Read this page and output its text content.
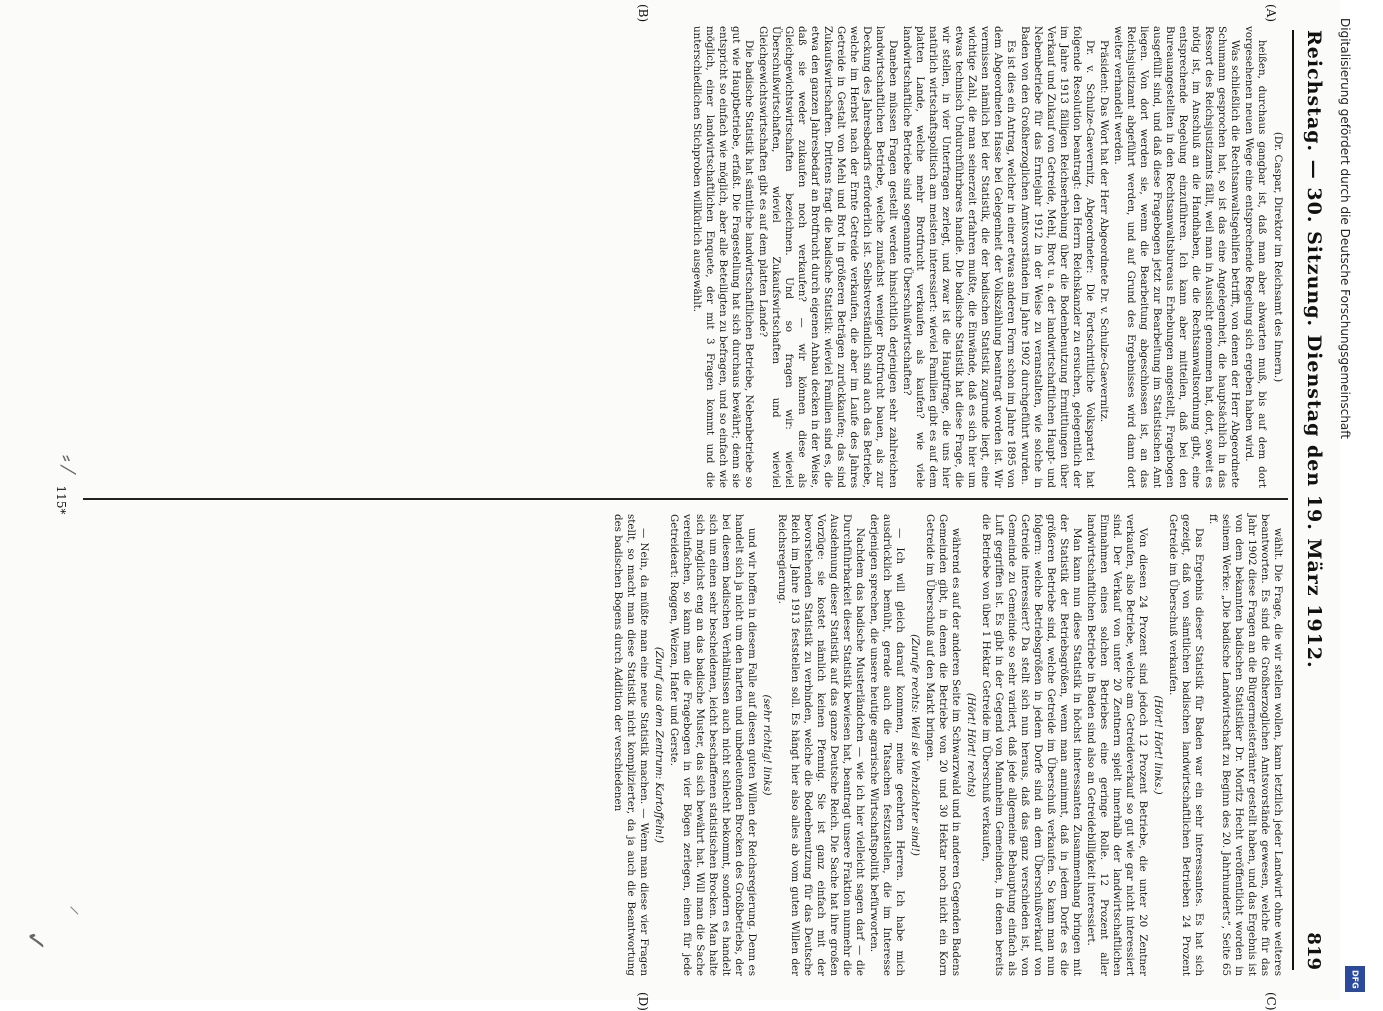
Reichstag. — 30. Sitzung. Dienstag den 19. März 1912.
819
(A)
(B)
(C)
(D)

(Dr. Caspar, Direktor im Reichsamt des Innern.)

heißen, durchaus gangbar ist, daß man aber abwarten muß, bis auf dem dort vorgesehenen neuen Wege eine entsprechende Regelung sich ergeben haben wird.

Was schließlich die Rechtsanwaltsgehilfen betrifft, von denen der Herr Abgeordnete Schumann gesprochen hat, so ist das eine Angelegenheit, die hauptsächlich in das Ressort des Reichsjustizamts fällt, weil man in Aussicht genommen hat, dort, soweit es nötig ist, im Anschluß an die Handhaben, die die Rechtsanwaltsordnung gibt, eine entsprechende Regelung einzuführen. Ich kann aber mitteilen, daß bei den Bureauangestellten in den Rechtsanwaltsbureaus Erhebungen angestellt, Fragebogen ausgefüllt sind, und daß diese Fragebogen jetzt zur Bearbeitung im Statistischen Amt liegen. Von dort werden sie, wenn die Bearbeitung abgeschlossen ist, an das Reichsjustizamt abgeführt werden, und auf Grund des Ergebnisses wird dann dort weiter verhandelt werden.

Präsident: Das Wort hat der Herr Abgeordnete Dr. v. Schulze-Gaevernitz.

Dr. v. Schulze-Gaevernitz, Abgeordneter: Die Fortschrittliche Volkspartei hat folgende Resolution beantragt: den Herrn Reichskanzler zu ersuchen, gelegentlich der im Jahre 1913 fälligen Reichserhebung über die Bodenbenutzung Ermittlungen über Verkauf und Zukauf von Getreide, Mehl, Brot u. a. der landwirtschaftlichen Haupt- und Nebenbetriebe für das Erntejahr 1912 in der Weise zu veranstalten, wie solche in Baden von den Großherzoglichen Amtsvorständen im Jahre 1902 durchgeführt wurden.

Es ist dies ein Antrag, welcher in einer etwas anderen Form schon im Jahre 1895 von dem Abgeordneten Hasse bei Gelegenheit der Volkszählung beantragt worden ist. Wir vermissen nämlich bei der Statistik, die der badischen Statistik zugrunde liegt, eine wichtige Zahl, die man seinerzeit erfahren mußte, die Einwände, daß es sich hier um etwas technisch Undurchführbares handle. Die badische Statistik hat diese Frage, die wir stellen, in vier Unterfragen zerlegt, und zwar ist die Hauptfrage, die uns hier natürlich wirtschaftspolitisch am meisten interessiert: wieviel Familien gibt es auf dem platten Lande, welche mehr Brotfrucht verkaufen als kaufen? wie viele landwirtschaftliche Betriebe sind sogenannte Überschußwirtschaften?

Daneben müssen Fragen gestellt werden hinsichtlich derjenigen sehr zahlreichen landwirtschaftlichen Betriebe, welche zunächst weniger Brotfrucht bauen, als zur Deckung des Jahresbedarfs erforderlich ist. Selbstverständlich sind auch das Betriebe, welche im Herbst nach der Ernte Getreide verkaufen, die aber im Laufe des Jahres Getreide in Gestalt von Mehl und Brot in größeren Beträgen zurückkaufen; das sind Zukaufswirtschaften. Drittens fragt die badische Statistik: wieviel Familien sind es, die etwa den ganzen Jahresbedarf an Brotfrucht durch eigenen Anbau decken in der Weise, daß sie weder zukaufen noch verkaufen? — wir können diese als Gleichgewichtswirtschaften bezeichnen. Und so fragen wir: wieviel Überschußwirtschaften, wieviel Zukaufswirtschaften und wieviel Gleichgewichtswirtschaften gibt es auf dem platten Lande?

Die badische Statistik hat sämtliche landwirtschaftlichen Betriebe, Nebenbetriebe so gut wie Hauptbetriebe, erfaßt. Die Fragestellung hat sich durchaus bewährt; denn sie entspricht so einfach wie möglich, aber alle Beteiligten zu befragen, und so einfach wie möglich, einer landwirtschaftlichen Enquete, der mit 3 Fragen kommt und die unterschiedlichen Stichproben willkürlich ausgewählt.

wählt. Die Frage, die wir stellen wollen, kann letztlich jeder Landwirt ohne weiteres beantworten. Es sind die Großherzoglichen Amtsvorstände gewesen, welche für das Jahr 1902 diese Fragen an die Bürgermeisterämter gestellt haben, und das Ergebnis ist von dem bekannten badischen Statistiker Dr. Moritz Hecht veröffentlicht worden in seinem Werke: „Die badische Landwirtschaft zu Beginn des 20. Jahrhunderts“, Seite 65 ff.

Das Ergebnis dieser Statistik für Baden war ein sehr interessantes. Es hat sich gezeigt, daß von sämtlichen badischen landwirtschaftlichen Betrieben 24 Prozent Getreide im Überschuß verkaufen.

(Hört! Hört! links.)

Von diesen 24 Prozent sind jedoch 12 Prozent Betriebe, die unter 20 Zentner verkaufen, also Betriebe, welche am Getreideverkauf so gut wie gar nicht interessiert sind. Der Verkauf von unter 20 Zentnern spielt innerhalb der landwirtschaftlichen Einnahmen eines solchen Betriebes eine geringe Rolle. 12 Prozent aller landwirtschaftlichen Betriebe in Baden sind also an Getreidebilligkeit interessiert.

Man kann nun diese Statistik in höchst interessanten Zusammenhang bringen mit der Statistik der Betriebsgrößen, wenn man annimmt, daß in jedem Dorfe es die größeren Betriebe sind, welche Getreide im Überschuß verkaufen. So kann man nun folgern: welche Betriebsgrößen in jedem Dorfe sind an dem Überschußverkauf von Getreide interessiert? Da stellt sich nun heraus, daß das ganz verschieden ist, von Gemeinde zu Gemeinde so sehr variiert, daß jede allgemeine Behauptung einfach als Luft gegriffen ist. Es gibt in der Gegend von Mannheim Gemeinden, in denen bereits die Betriebe von über 1 Hektar Getreide im Überschuß verkaufen,

(Hört! Hört! rechts)

während es auf der anderen Seite im Schwarzwald und in anderen Gegenden Badens Gemeinden gibt, in denen die Betriebe von 20 und 30 Hektar noch nicht ein Korn Getreide im Überschuß auf den Markt bringen.

(Zurufe rechts: Weil sie Viehzüchter sind!)

— Ich will gleich darauf kommen, meine geehrten Herren. Ich habe mich ausdrücklich bemüht, gerade auch die Tatsachen festzustellen, die im Interesse derjenigen sprechen, die unsere heutige agrarische Wirtschaftspolitik befürworten.

Nachdem das badische Musterländchen — wie ich hier vielleicht sagen darf — die Durchführbarkeit dieser Statistik bewiesen hat, beantragt unsere Fraktion nunmehr die Ausdehnung dieser Statistik auf das ganze Deutsche Reich. Die Sache hat ihre großen Vorzüge: sie kostet nämlich keinen Pfennig. Sie ist ganz einfach mit der bevorstehenden Statistik zu verbinden, welche die Bodenbenutzung für das Deutsche Reich im Jahre 1913 feststellen soll. Es hängt hier also alles ab vom guten Willen der Reichsregierung.

(sehr richtig! links)

und wir hoffen in diesem Falle auf diesen guten Willen der Reichsregierung. Denn es handelt sich ja nicht um den harten und unbedeutenden Brocken des Großbetriebs, der bei diesem badischen Verhältnissen auch nicht schlecht bekommt, sondern es handelt sich um einen sehr bescheidenen, leicht beschaffenen statistischen Brocken. Man halte sich möglichst eng an das badische Muster, das sich bewährt hat. Will man die Sache vereinfachen, so kann man die Fragebogen in vier Bögen zerlegen, einen für jede Getreideart: Roggen, Weizen, Hafer und Gerste.

(Zuruf aus dem Zentrum: Kartoffeln!)

— Nein, da müßte man eine neue Statistik machen. — Wenn man diese vier Fragen stellt, so macht man diese Statistik nicht komplizierter, da ja auch die Beantwortung des badischen Bogens durch Addition der verschiedenen

115*
✓
⸝
⸗ ⁄
Digitalisierung gefördert durch die Deutsche Forschungsgemeinschaft
DFG
